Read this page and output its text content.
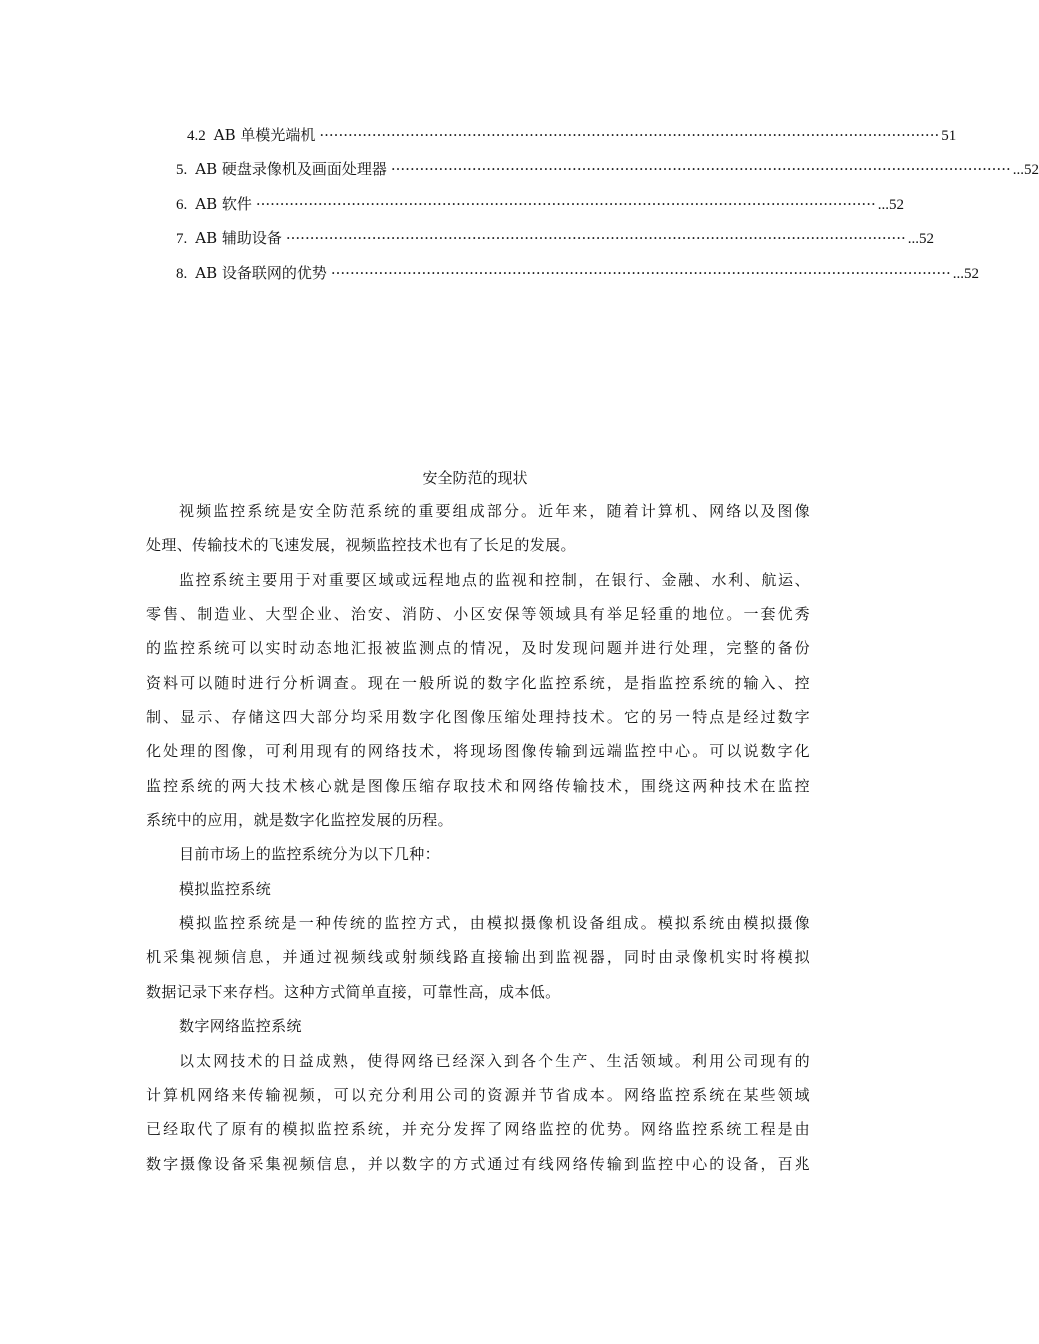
4.2 AB 单模光端机 ·································································································································· 51
5. AB 硬盘录像机及画面处理器 ·································································································································· ...52
6. AB 软件 ·································································································································· ...52
7. AB 辅助设备 ·································································································································· ...52
8. AB 设备联网的优势 ·································································································································· ...52
安全防范的现状
视频监控系统是安全防范系统的重要组成部分。近年来，随着计算机、网络以及图像
处理、传输技术的飞速发展，视频监控技术也有了长足的发展。
监控系统主要用于对重要区域或远程地点的监视和控制，在银行、金融、水利、航运、
零售、制造业、大型企业、治安、消防、小区安保等领域具有举足轻重的地位。一套优秀
的监控系统可以实时动态地汇报被监测点的情况，及时发现问题并进行处理，完整的备份
资料可以随时进行分析调查。现在一般所说的数字化监控系统，是指监控系统的输入、控
制、显示、存储这四大部分均采用数字化图像压缩处理持技术。它的另一特点是经过数字
化处理的图像，可利用现有的网络技术，将现场图像传输到远端监控中心。可以说数字化
监控系统的两大技术核心就是图像压缩存取技术和网络传输技术，围绕这两种技术在监控
系统中的应用，就是数字化监控发展的历程。
目前市场上的监控系统分为以下几种：
模拟监控系统
模拟监控系统是一种传统的监控方式，由模拟摄像机设备组成。模拟系统由模拟摄像
机采集视频信息，并通过视频线或射频线路直接输出到监视器，同时由录像机实时将模拟
数据记录下来存档。这种方式简单直接，可靠性高，成本低。
数字网络监控系统
以太网技术的日益成熟，使得网络已经深入到各个生产、生活领域。利用公司现有的
计算机网络来传输视频，可以充分利用公司的资源并节省成本。网络监控系统在某些领域
已经取代了原有的模拟监控系统，并充分发挥了网络监控的优势。网络监控系统工程是由
数字摄像设备采集视频信息，并以数字的方式通过有线网络传输到监控中心的设备，百兆
